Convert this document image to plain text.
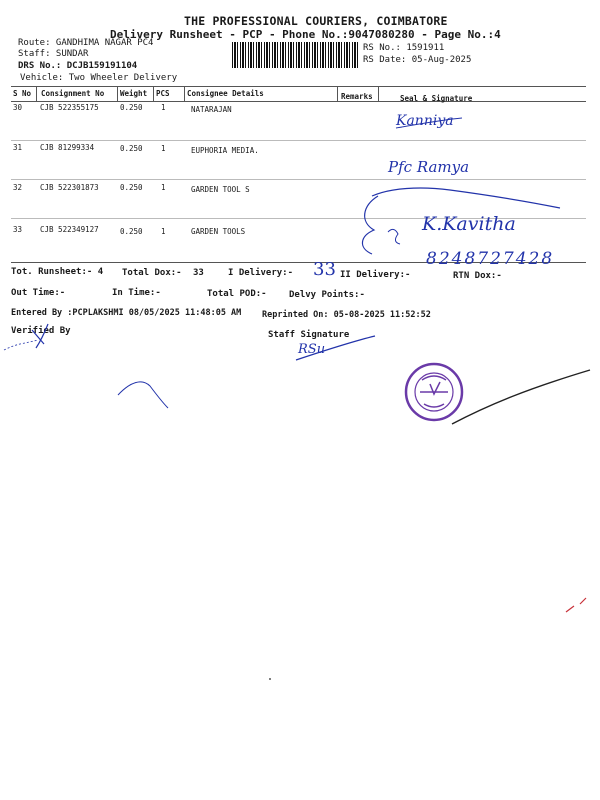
THE PROFESSIONAL COURIERS, COIMBATORE
Delivery Runsheet - PCP - Phone No.:9047080280 - Page No.:4
Route: GANDHIMA NAGAR PC4
Staff: SUNDAR
DRS No.: DCJB159191104
Vehicle: Two Wheeler Delivery
RS No.: 1591911
RS Date: 05-Aug-2025
S No Consignment No Weight PCS Consignee Details	Remarks	Seal & Signature
30 CJB 522355175	0.250 1	NATARAJAN
31 CJB 81299334	0.250 1	EUPHORIA MEDIA.
32 CJB 522301873	0.250 1	GARDEN TOOL S
33 CJB 522349127	0.250 1	GARDEN TOOLS
Tot. Runsheet:- 4 Total Dox:- 33	I Delivery:-	II Delivery:-	RTN Dox:-
Out Time:-	In Time:-	Total POD:- Delvy Points:-
Entered By :PCPLAKSHMI 08/05/2025 11:48:05 AM Reprinted On: 05-08-2025 11:52:52
Verified By	Staff Signature
Kanniya
Pfc Ramya
K.Kavitha
8248727428
33
RSu
